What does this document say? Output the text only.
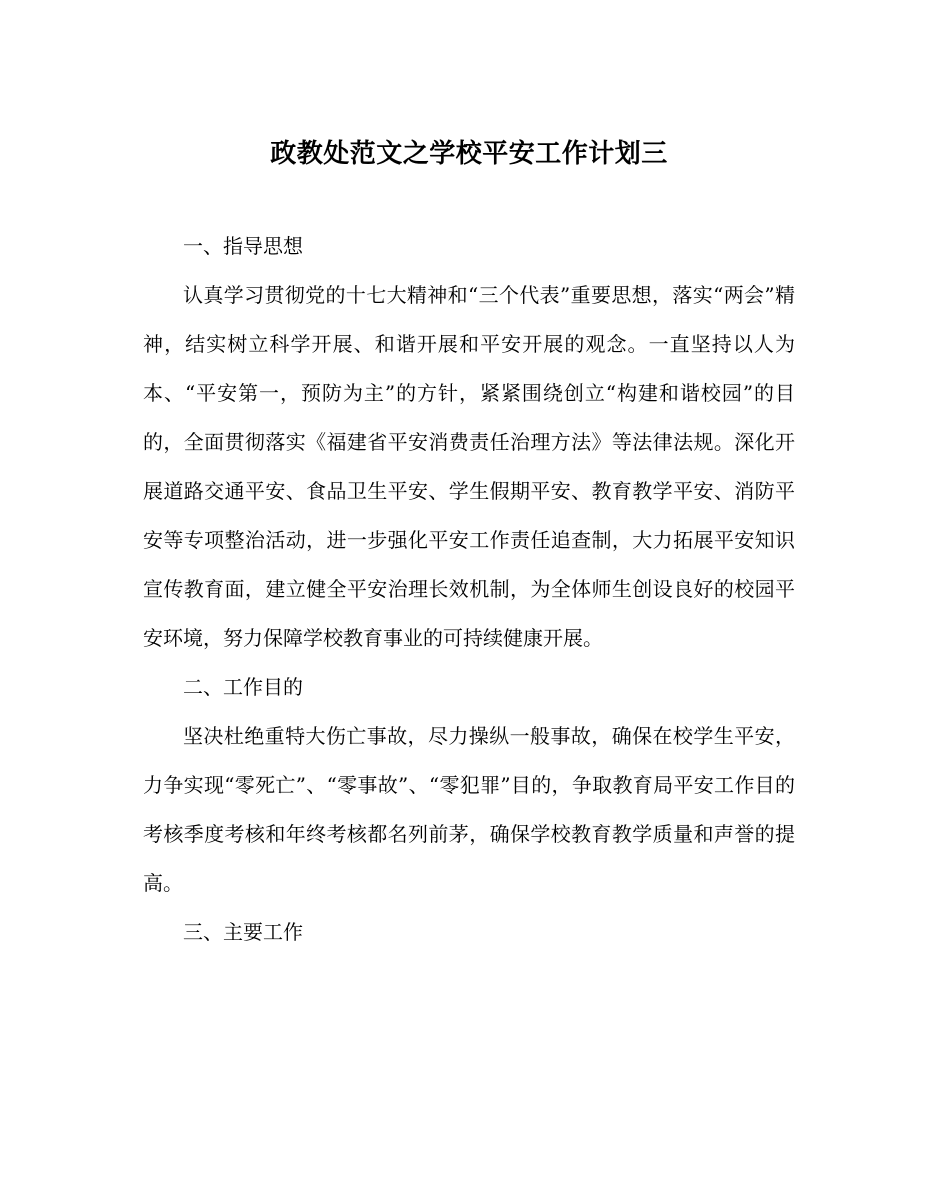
政教处范文之学校平安工作计划三

一、指导思想

认真学习贯彻党的十七大精神和“三个代表”重要思想，落实“两会”精神，结实树立科学开展、和谐开展和平安开展的观念。一直坚持以人为本、“平安第一，预防为主”的方针，紧紧围绕创立“构建和谐校园”的目的，全面贯彻落实《福建省平安消费责任治理方法》等法律法规。深化开展道路交通平安、食品卫生平安、学生假期平安、教育教学平安、消防平安等专项整治活动，进一步强化平安工作责任追查制，大力拓展平安知识宣传教育面，建立健全平安治理长效机制，为全体师生创设良好的校园平安环境，努力保障学校教育事业的可持续健康开展。

二、工作目的

坚决杜绝重特大伤亡事故，尽力操纵一般事故，确保在校学生平安，力争实现“零死亡”、“零事故”、“零犯罪”目的，争取教育局平安工作目的考核季度考核和年终考核都名列前茅，确保学校教育教学质量和声誉的提高。

三、主要工作
